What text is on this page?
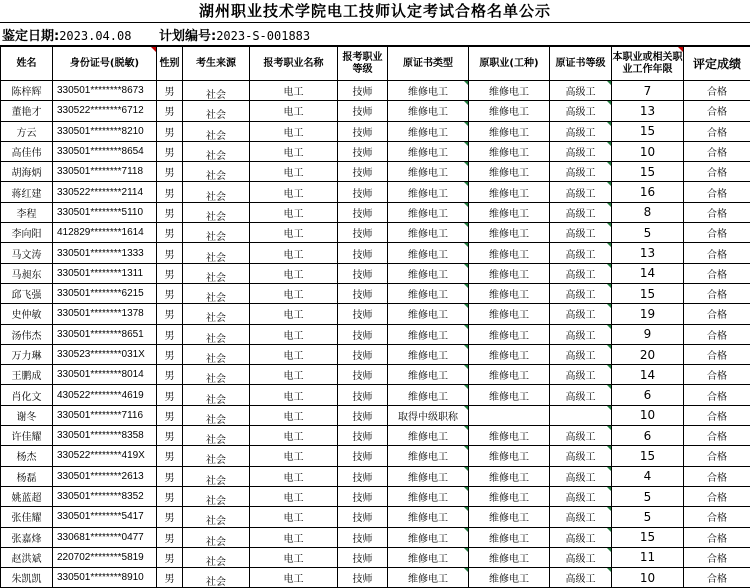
湖州职业技术学院电工技师认定考试合格名单公示
鉴定日期:2023.04.08	计划编号:2023-S-001883
姓名	身份证号(脱敏)	性别	考生来源	报考职业名称	报考职业等级	原证书类型	原职业(工种)	原证书等级	本职业或相关职业工作年限	评定成绩
陈梓辉	330501********8673	男	社会	电工	技师	维修电工	维修电工	高级工	7	合格
董艳才	330522********6712	男	社会	电工	技师	维修电工	维修电工	高级工	13	合格
方云	330501********8210	男	社会	电工	技师	维修电工	维修电工	高级工	15	合格
高佳伟	330501********8654	男	社会	电工	技师	维修电工	维修电工	高级工	10	合格
胡海炳	330501********7118	男	社会	电工	技师	维修电工	维修电工	高级工	15	合格
蒋红建	330522********2114	男	社会	电工	技师	维修电工	维修电工	高级工	16	合格
李程	330501********5110	男	社会	电工	技师	维修电工	维修电工	高级工	8	合格
李向阳	412829********1614	男	社会	电工	技师	维修电工	维修电工	高级工	5	合格
马文涛	330501********1333	男	社会	电工	技师	维修电工	维修电工	高级工	13	合格
马昶东	330501********1311	男	社会	电工	技师	维修电工	维修电工	高级工	14	合格
邱飞强	330501********6215	男	社会	电工	技师	维修电工	维修电工	高级工	15	合格
史仲敏	330501********1378	男	社会	电工	技师	维修电工	维修电工	高级工	19	合格
汤伟杰	330501********8651	男	社会	电工	技师	维修电工	维修电工	高级工	9	合格
万力琳	330523********031X	男	社会	电工	技师	维修电工	维修电工	高级工	20	合格
王鹏成	330501********8014	男	社会	电工	技师	维修电工	维修电工	高级工	14	合格
肖化文	430522********4619	男	社会	电工	技师	维修电工	维修电工	高级工	6	合格
谢冬	330501********7116	男	社会	电工	技师	取得中级职称			10	合格
许佳耀	330501********8358	男	社会	电工	技师	维修电工	维修电工	高级工	6	合格
杨杰	330522********419X	男	社会	电工	技师	维修电工	维修电工	高级工	15	合格
杨磊	330501********2613	男	社会	电工	技师	维修电工	维修电工	高级工	4	合格
姚蓝超	330501********8352	男	社会	电工	技师	维修电工	维修电工	高级工	5	合格
张佳耀	330501********5417	男	社会	电工	技师	维修电工	维修电工	高级工	5	合格
张嘉烽	330681********0477	男	社会	电工	技师	维修电工	维修电工	高级工	15	合格
赵洪斌	220702********5819	男	社会	电工	技师	维修电工	维修电工	高级工	11	合格
朱凯凯	330501********8910	男	社会	电工	技师	维修电工	维修电工	高级工	10	合格
